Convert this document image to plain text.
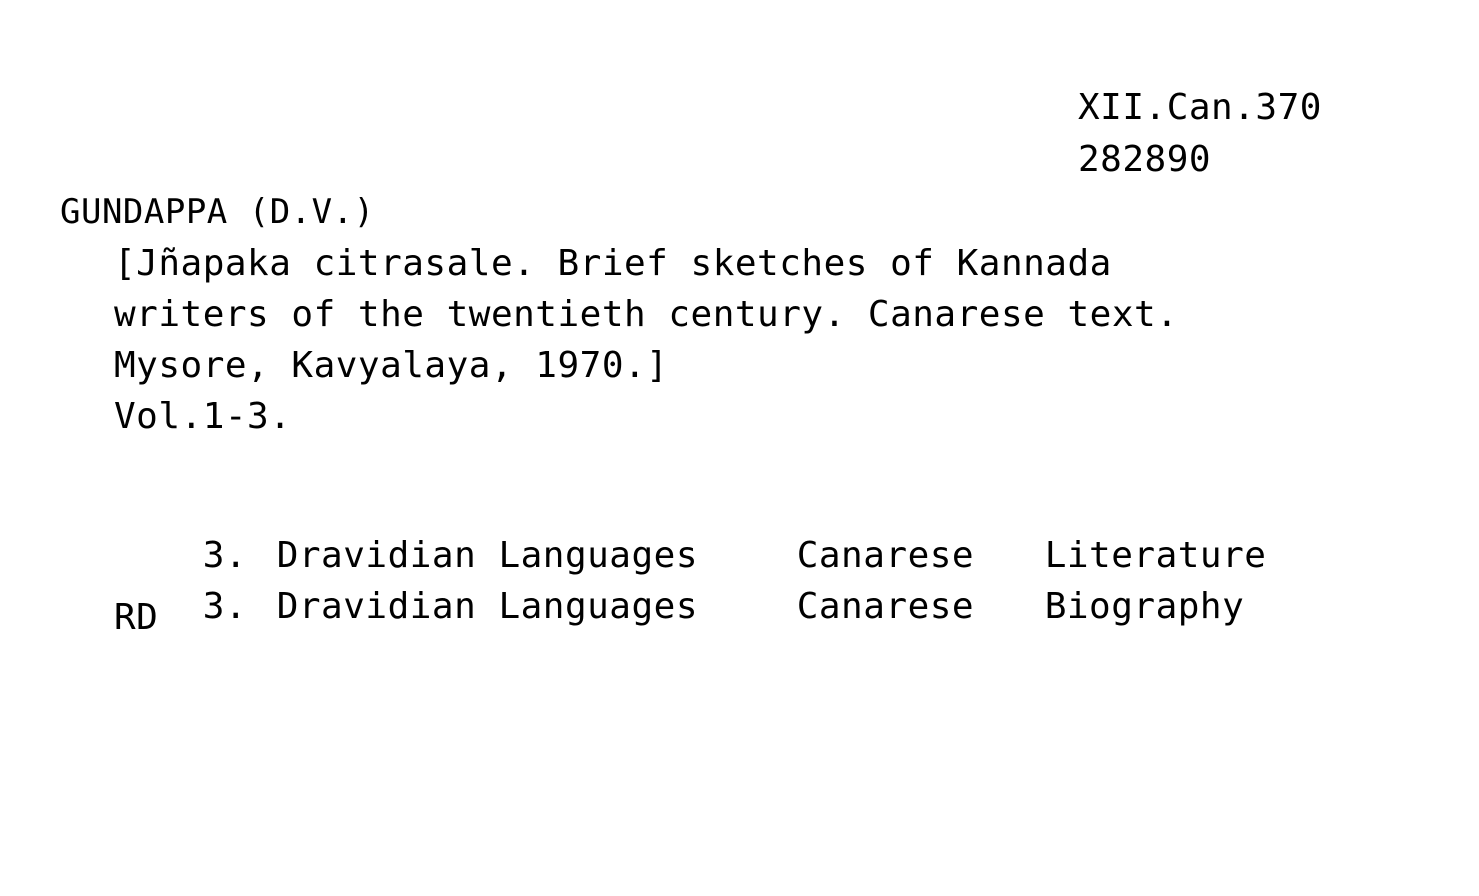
XII.Can.370
282890
GUNDAPPA (D.V.)
[Jñapaka citrasale. Brief sketches of Kannada
writers of the twentieth century. Canarese text.
Mysore, Kavyalaya, 1970.]
Vol.1-3.

3. Dravidian Languages	Canarese Literature

3. Dravidian Languages	Canarese Biography

RD
